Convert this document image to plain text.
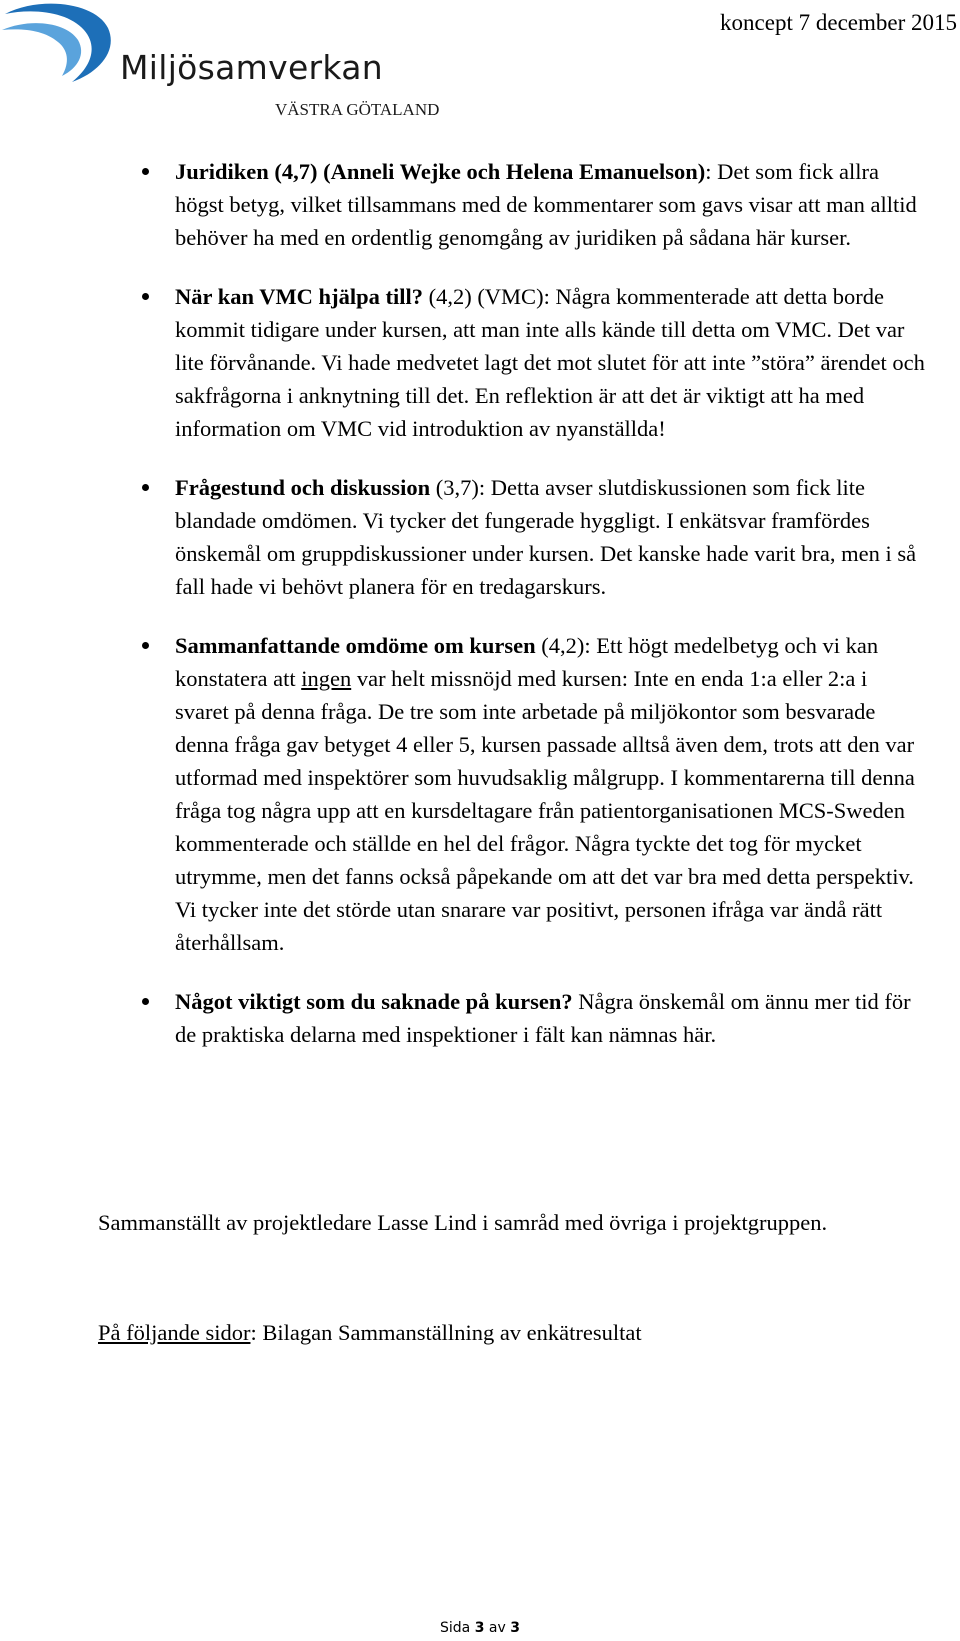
Miljösamverkan
VÄSTRA GÖTALAND
koncept 7 december 2015

Juridiken (4,7) (Anneli Wejke och Helena Emanuelson): Det som fick allra högst betyg, vilket tillsammans med de kommentarer som gavs visar att man alltid behöver ha med en ordentlig genomgång av juridiken på sådana här kurser.

När kan VMC hjälpa till? (4,2) (VMC): Några kommenterade att detta borde kommit tidigare under kursen, att man inte alls kände till detta om VMC. Det var lite förvånande. Vi hade medvetet lagt det mot slutet för att inte ”störa” ärendet och sakfrågorna i anknytning till det. En reflektion är att det är viktigt att ha med information om VMC vid introduktion av nyanställda!

Frågestund och diskussion (3,7): Detta avser slutdiskussionen som fick lite blandade omdömen. Vi tycker det fungerade hyggligt. I enkätsvar framfördes önskemål om gruppdiskussioner under kursen. Det kanske hade varit bra, men i så fall hade vi behövt planera för en tredagarskurs.

Sammanfattande omdöme om kursen (4,2): Ett högt medelbetyg och vi kan konstatera att ingen var helt missnöjd med kursen: Inte en enda 1:a eller 2:a i svaret på denna fråga. De tre som inte arbetade på miljökontor som besvarade denna fråga gav betyget 4 eller 5, kursen passade alltså även dem, trots att den var utformad med inspektörer som huvudsaklig målgrupp. I kommentarerna till denna fråga tog några upp att en kursdeltagare från patientorganisationen MCS-Sweden kommenterade och ställde en hel del frågor. Några tyckte det tog för mycket utrymme, men det fanns också påpekande om att det var bra med detta perspektiv. Vi tycker inte det störde utan snarare var positivt, personen ifråga var ändå rätt återhållsam.

Något viktigt som du saknade på kursen? Några önskemål om ännu mer tid för de praktiska delarna med inspektioner i fält kan nämnas här.

Sammanställt av projektledare Lasse Lind i samråd med övriga i projektgruppen.
På följande sidor: Bilagan Sammanställning av enkätresultat
Sida 3 av 3
